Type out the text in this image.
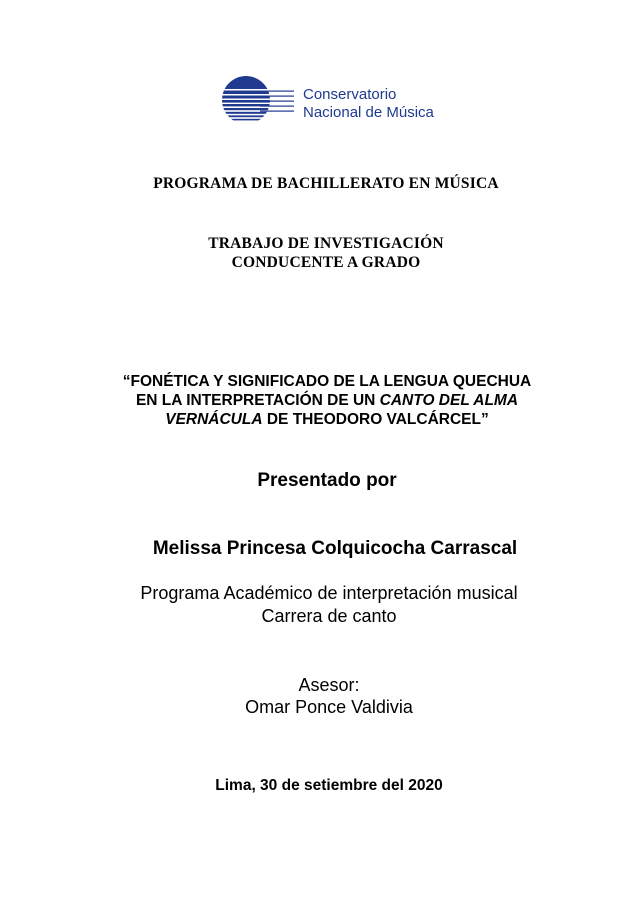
Conservatorio
Nacional de Música
PROGRAMA DE BACHILLERATO EN MÚSICA
TRABAJO DE INVESTIGACIÓN
CONDUCENTE A GRADO
“FONÉTICA Y SIGNIFICADO DE LA LENGUA QUECHUA
EN LA INTERPRETACIÓN DE UN CANTO DEL ALMA
VERNÁCULA DE THEODORO VALCÁRCEL”
Presentado por
Melissa Princesa Colquicocha Carrascal
Programa Académico de interpretación musical
Carrera de canto
Asesor:
Omar Ponce Valdivia
Lima, 30 de setiembre del 2020
